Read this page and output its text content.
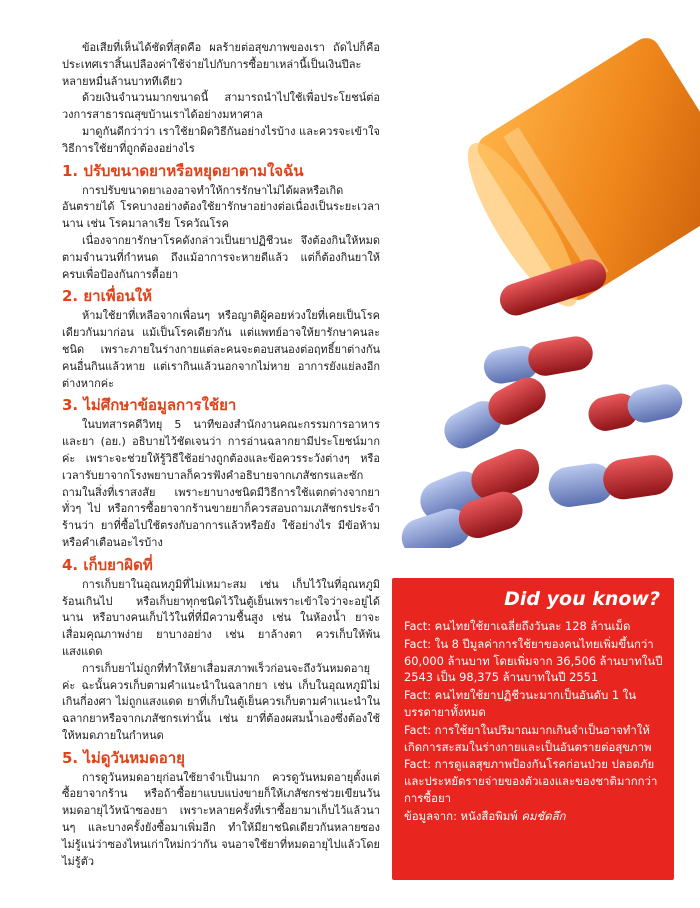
ข้อเสียที่เห็นได้ชัดที่สุดคือ ผลร้ายต่อสุขภาพของเรา ถัดไปก็คือประเทศเราสิ้นเปลืองค่าใช้จ่ายไปกับการซื้อยาเหล่านี้เป็นเงินปีละหลายหมื่นล้านบาททีเดียว

ด้วยเงินจำนวนมากขนาดนี้ สามารถนำไปใช้เพื่อประโยชน์ต่อวงการสาธารณสุขบ้านเราได้อย่างมหาศาล

มาดูกันดีกว่าว่า เราใช้ยาผิดวิธีกันอย่างไรบ้าง และควรจะเข้าใจวิธีการใช้ยาที่ถูกต้องอย่างไร

1. ปรับขนาดยาหรือหยุดยาตามใจฉัน

การปรับขนาดยาเองอาจทำให้การรักษาไม่ได้ผลหรือเกิดอันตรายได้ โรคบางอย่างต้องใช้ยารักษาอย่างต่อเนื่องเป็นระยะเวลานาน เช่น โรคมาลาเรีย โรควัณโรค

เนื่องจากยารักษาโรคดังกล่าวเป็นยาปฏิชีวนะ จึงต้องกินให้หมดตามจำนวนที่กำหนด ถึงแม้อาการจะหายดีแล้ว แต่ก็ต้องกินยาให้ครบเพื่อป้องกันการดื้อยา

2. ยาเพื่อนให้

ห้ามใช้ยาที่เหลือจากเพื่อนๆ หรือญาติผู้คอยห่วงใยที่เคยเป็นโรคเดียวกันมาก่อน แม้เป็นโรคเดียวกัน แต่แพทย์อาจให้ยารักษาคนละชนิด เพราะภายในร่างกายแต่ละคนจะตอบสนองต่อฤทธิ์ยาต่างกัน คนอื่นกินแล้วหาย แต่เรากินแล้วนอกจากไม่หาย อาการยังแย่ลงอีกต่างหากค่ะ

3. ไม่ศึกษาข้อมูลการใช้ยา

ในบทสารคดีวิทยุ 5 นาทีของสำนักงานคณะกรรมการอาหารและยา (อย.) อธิบายไว้ชัดเจนว่า การอ่านฉลากยามีประโยชน์มากค่ะ เพราะจะช่วยให้รู้วิธีใช้อย่างถูกต้องและข้อควรระวังต่างๆ หรือเวลารับยาจากโรงพยาบาลก็ควรฟังคำอธิบายจากเภสัชกรและซักถามในสิ่งที่เราสงสัย เพราะยาบางชนิดมีวิธีการใช้แตกต่างจากยาทั่วๆ ไป หรือการซื้อยาจากร้านขายยาก็ควรสอบถามเภสัชกรประจำร้านว่า ยาที่ซื้อไปใช้ตรงกับอาการแล้วหรือยัง ใช้อย่างไร มีข้อห้ามหรือคำเตือนอะไรบ้าง

4. เก็บยาผิดที่

การเก็บยาในอุณหภูมิที่ไม่เหมาะสม เช่น เก็บไว้ในที่อุณหภูมิร้อนเกินไป หรือเก็บยาทุกชนิดไว้ในตู้เย็นเพราะเข้าใจว่าจะอยู่ได้นาน หรือบางคนเก็บไว้ในที่ที่มีความชื้นสูง เช่น ในห้องน้ำ ยาจะเสื่อมคุณภาพง่าย ยาบางอย่าง เช่น ยาล้างตา ควรเก็บให้พ้นแสงแดด

การเก็บยาไม่ถูกที่ทำให้ยาเสื่อมสภาพเร็วก่อนจะถึงวันหมดอายุค่ะ ฉะนั้นควรเก็บตามคำแนะนำในฉลากยา เช่น เก็บในอุณหภูมิไม่เกินกี่องศา ไม่ถูกแสงแดด ยาที่เก็บในตู้เย็นควรเก็บตามคำแนะนำในฉลากยาหรือจากเภสัชกรเท่านั้น เช่น ยาที่ต้องผสมน้ำเองซึ่งต้องใช้ให้หมดภายในกำหนด

5. ไม่ดูวันหมดอายุ

การดูวันหมดอายุก่อนใช้ยาจำเป็นมาก ควรดูวันหมดอายุตั้งแต่ซื้อยาจากร้าน หรือถ้าซื้อยาแบบแบ่งขายก็ให้เภสัชกรช่วยเขียนวันหมดอายุไว้หน้าซองยา เพราะหลายครั้งที่เราซื้อยามาเก็บไว้แล้วนานๆ และบางครั้งยังซื้อมาเพิ่มอีก ทำให้มียาชนิดเดียวกันหลายซอง ไม่รู้แน่ว่าซองไหนเก่าใหม่กว่ากัน จนอาจใช้ยาที่หมดอายุไปแล้วโดยไม่รู้ตัว

Did you know?
Fact: คนไทยใช้ยาเฉลี่ยถึงวันละ 128 ล้านเม็ด
Fact: ใน 8 ปีมูลค่าการใช้ยาของคนไทยเพิ่มขึ้นกว่า 60,000 ล้านบาท โดยเพิ่มจาก 36,506 ล้านบาทในปี 2543 เป็น 98,375 ล้านบาทในปี 2551
Fact: คนไทยใช้ยาปฏิชีวนะมากเป็นอันดับ 1 ในบรรดายาทั้งหมด
Fact: การใช้ยาในปริมาณมากเกินจำเป็นอาจทำให้เกิดการสะสมในร่างกายและเป็นอันตรายต่อสุขภาพ
Fact: การดูแลสุขภาพป้องกันโรคก่อนป่วย ปลอดภัยและประหยัดรายจ่ายของตัวเองและของชาติมากกว่าการซื้อยา
ข้อมูลจาก: หนังสือพิมพ์ คมชัดลึก
